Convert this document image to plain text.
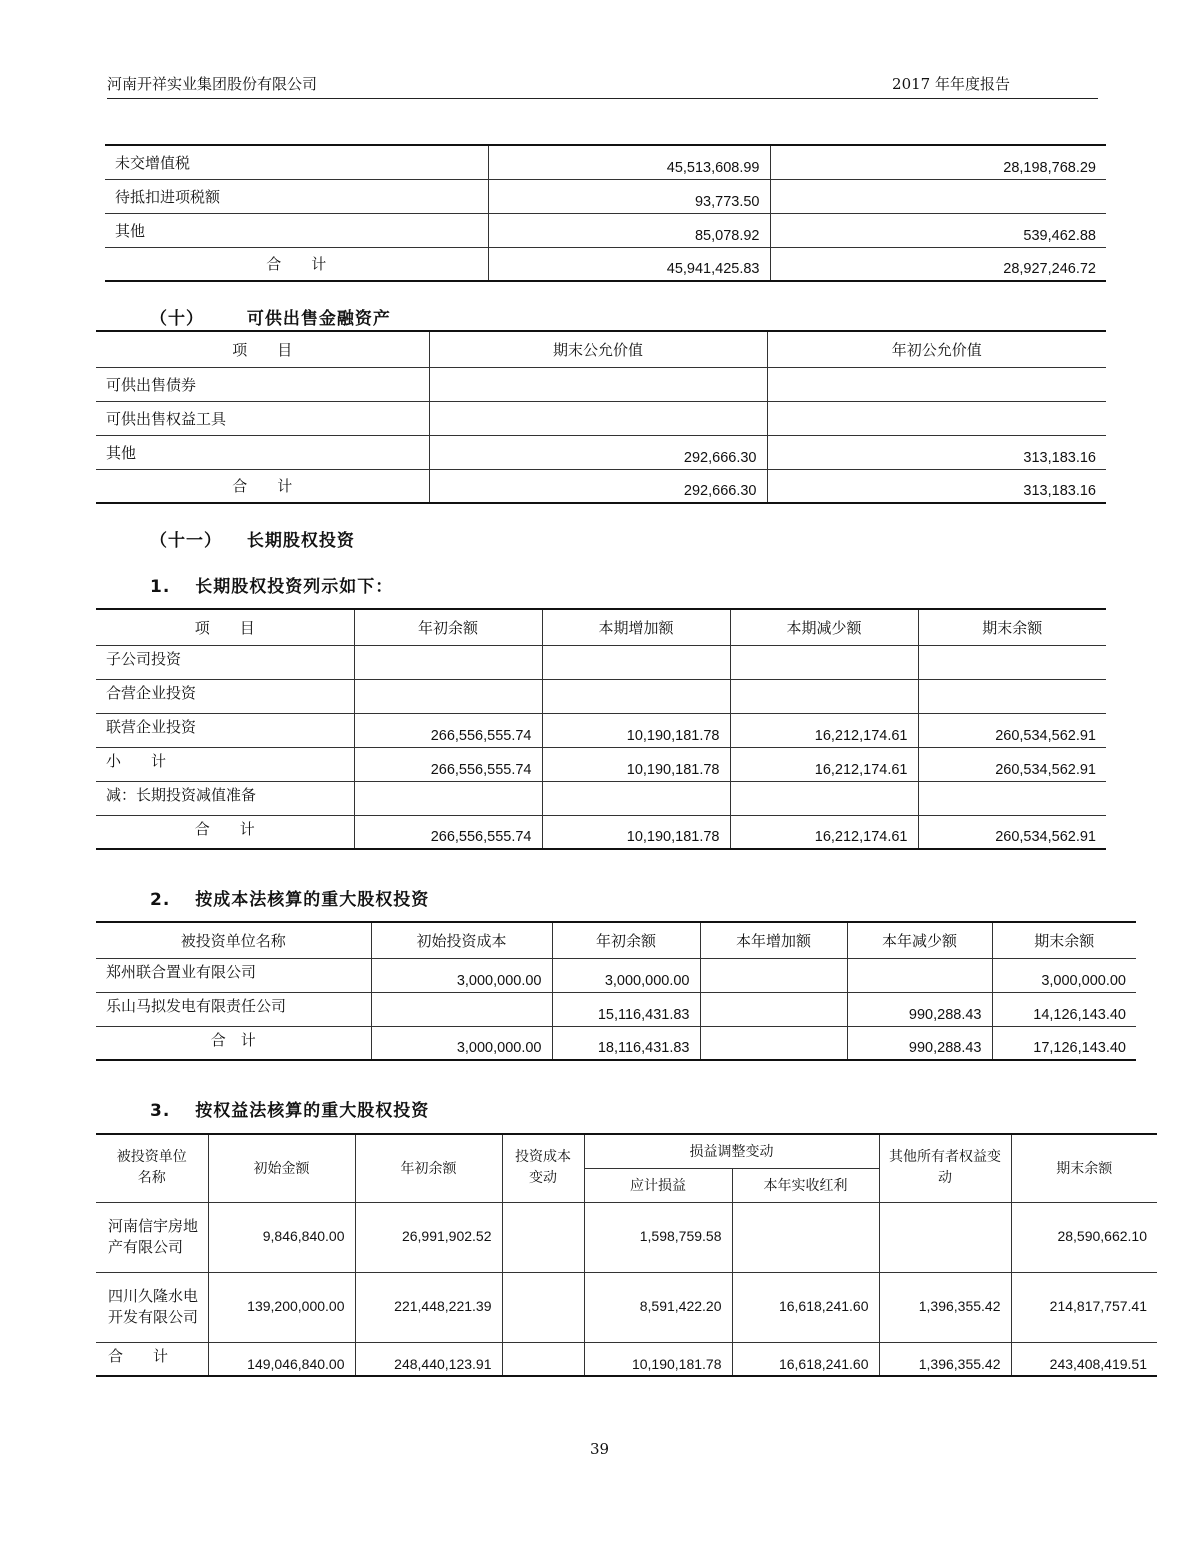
河南开祥实业集团股份有限公司	2017 年年度报告
未交增值税	45,513,608.99	28,198,768.29
待抵扣进项税额	93,773.50	
其他	85,078.92	539,462.88
合　　计	45,941,425.83	28,927,246.72
（十）	可供出售金融资产
项　　目	期末公允价值	年初公允价值
可供出售债券		
可供出售权益工具		
其他	292,666.30	313,183.16
合　　计	292,666.30	313,183.16
（十一） 长期股权投资
1. 长期股权投资列示如下：
项　　目	年初余额	本期增加额	本期减少额	期末余额
子公司投资				
合营企业投资				
联营企业投资	266,556,555.74	10,190,181.78	16,212,174.61	260,534,562.91
小　　计	266,556,555.74	10,190,181.78	16,212,174.61	260,534,562.91
减：长期投资减值准备				
合　　计	266,556,555.74	10,190,181.78	16,212,174.61	260,534,562.91
2. 按成本法核算的重大股权投资
被投资单位名称	初始投资成本	年初余额	本年增加额	本年减少额	期末余额
郑州联合置业有限公司	3,000,000.00	3,000,000.00			3,000,000.00
乐山马拟发电有限责任公司		15,116,431.83		990,288.43	14,126,143.40
合　计	3,000,000.00	18,116,431.83		990,288.43	17,126,143.40
3. 按权益法核算的重大股权投资
被投资单位名称	初始金额	年初余额	投资成本变动	损益调整变动		其他所有者权益变动	期末余额
				应计损益	本年实收红利		
河南信宇房地产有限公司	9,846,840.00	26,991,902.52		1,598,759.58			28,590,662.10
四川久隆水电开发有限公司	139,200,000.00	221,448,221.39		8,591,422.20	16,618,241.60	1,396,355.42	214,817,757.41
合　　计	149,046,840.00	248,440,123.91		10,190,181.78	16,618,241.60	1,396,355.42	243,408,419.51
39
